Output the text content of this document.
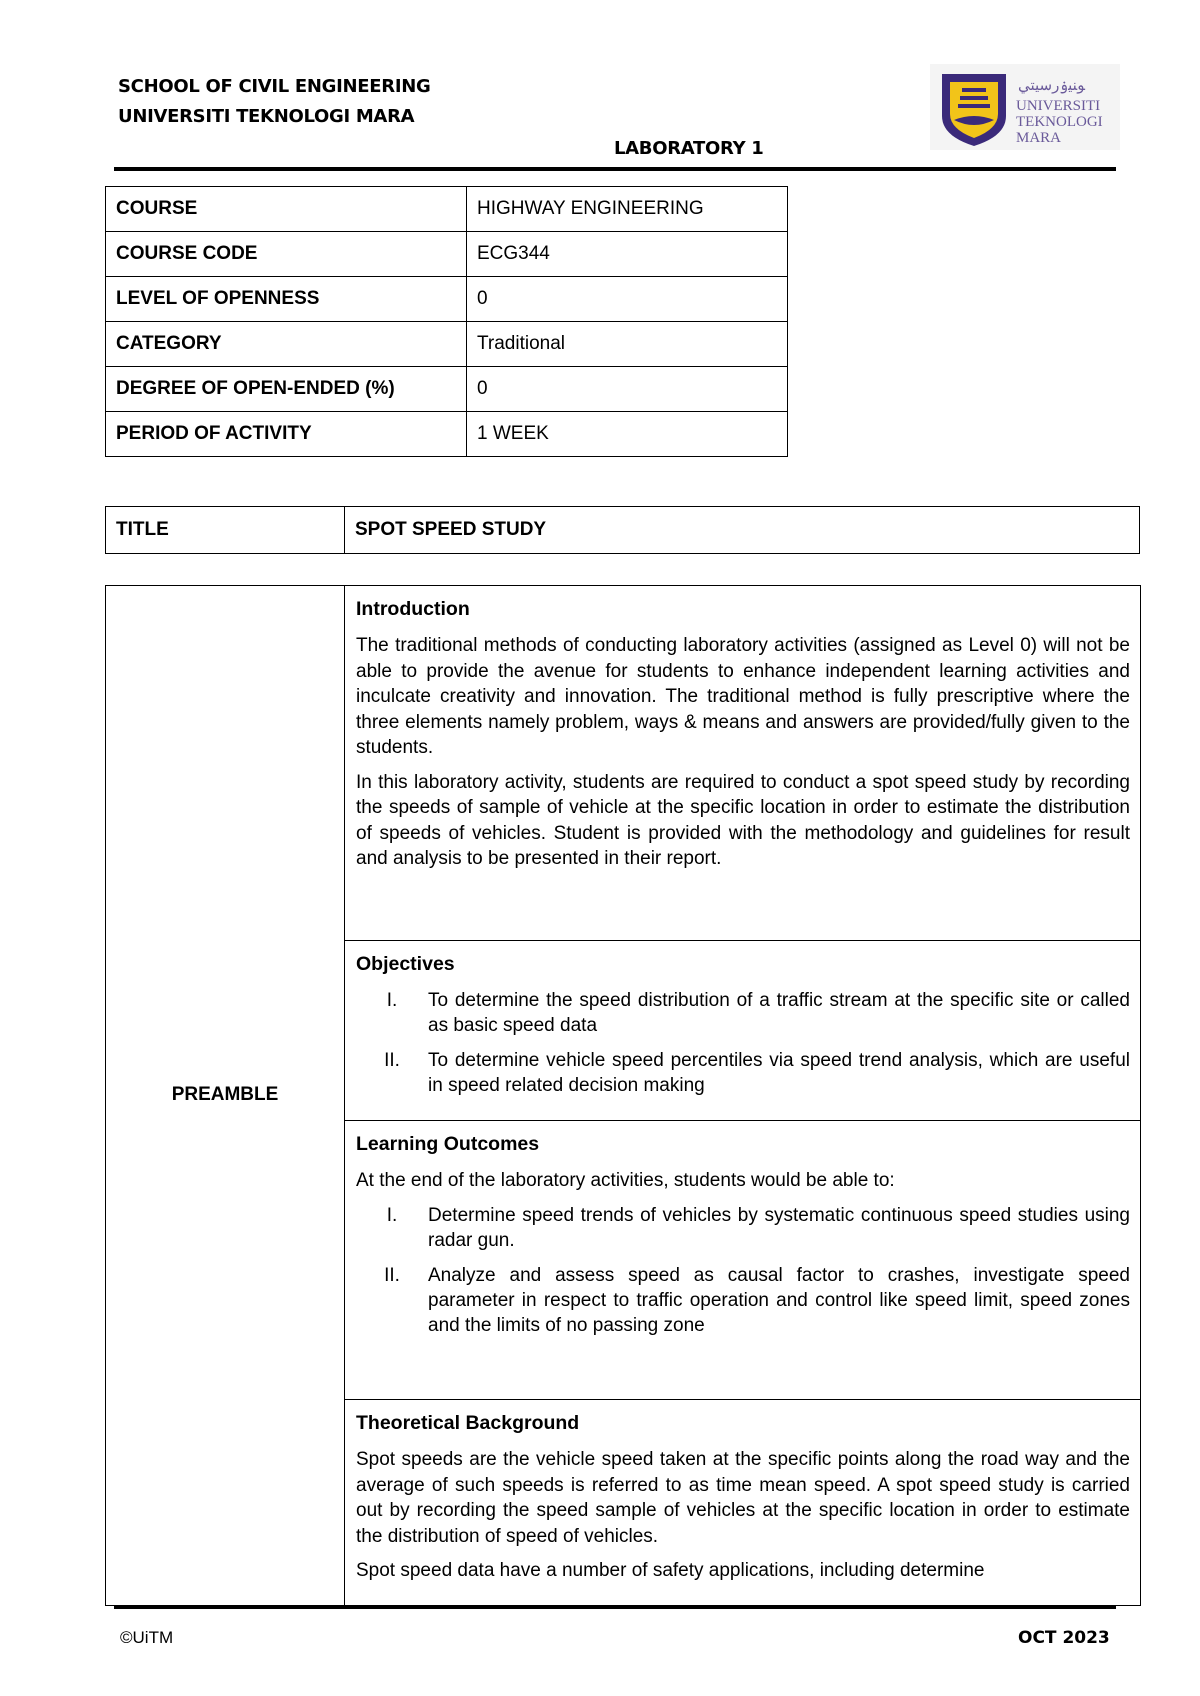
SCHOOL OF CIVIL ENGINEERING
UNIVERSITI TEKNOLOGI MARA
LABORATORY 1
ﻮﻨﻴۏﺭﺳﻴﺘﻲ
UNIVERSITI
TEKNOLOGI
MARA
COURSE	HIGHWAY ENGINEERING
COURSE CODE	ECG344
LEVEL OF OPENNESS	0
CATEGORY	Traditional
DEGREE OF OPEN-ENDED (%)	0
PERIOD OF ACTIVITY	1 WEEK
TITLE	SPOT SPEED STUDY
PREAMBLE	
Introduction

The traditional methods of conducting laboratory activities (assigned as Level 0) will not be able to provide the avenue for students to enhance independent learning activities and inculcate creativity and innovation. The traditional method is fully prescriptive where the three elements namely problem, ways & means and answers are provided/fully given to the students.

In this laboratory activity, students are required to conduct a spot speed study by recording the speeds of sample of vehicle at the specific location in order to estimate the distribution of speeds of vehicles. Student is provided with the methodology and guidelines for result and analysis to be presented in their report.

Objectives
I.	To determine the speed distribution of a traffic stream at the specific site or called as basic speed data
II.	To determine vehicle speed percentiles via speed trend analysis, which are useful in speed related decision making

Learning Outcomes

At the end of the laboratory activities, students would be able to:

I.	Determine speed trends of vehicles by systematic continuous speed studies using radar gun.
II.	Analyze and assess speed as causal factor to crashes, investigate speed parameter in respect to traffic operation and control like speed limit, speed zones and the limits of no passing zone

Theoretical Background

Spot speeds are the vehicle speed taken at the specific points along the road way and the average of such speeds is referred to as time mean speed. A spot speed study is carried out by recording the speed sample of vehicles at the specific location in order to estimate the distribution of speed of vehicles.

Spot speed data have a number of safety applications, including determine

©UiTM	OCT 2023
